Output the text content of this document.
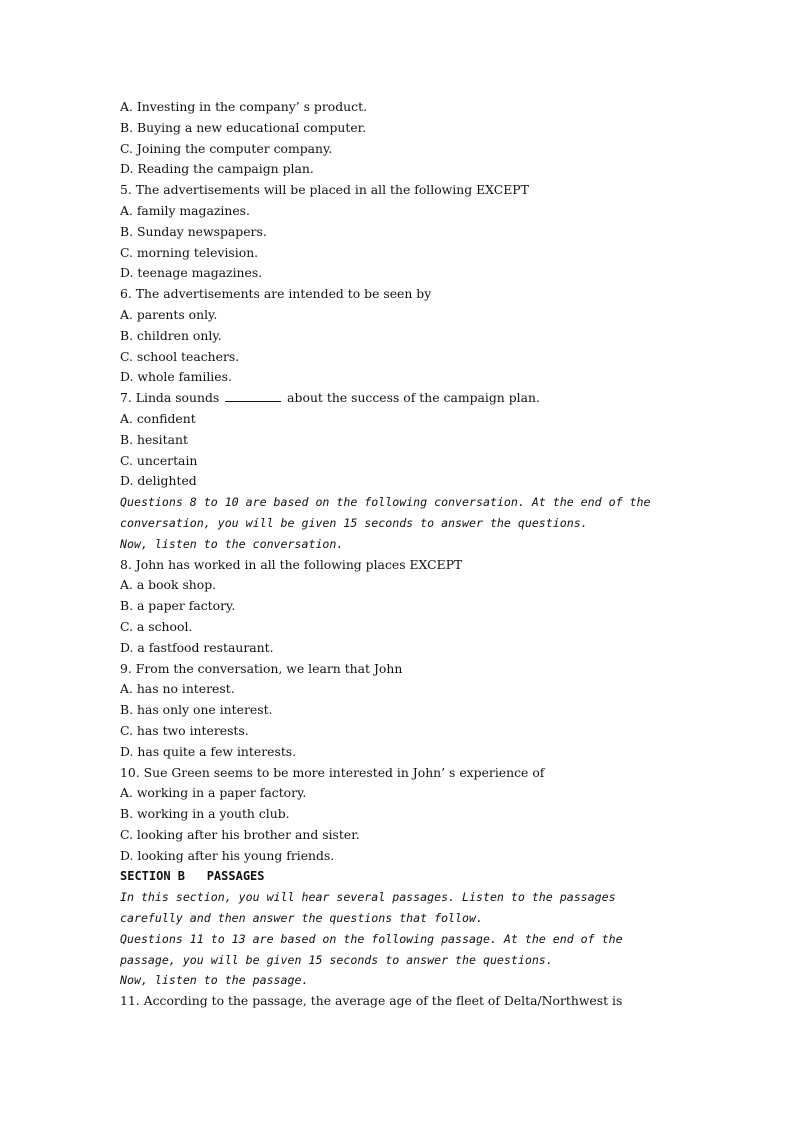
A. Investing in the company’ s product.
B. Buying a new educational computer.
C. Joining the computer company.
D. Reading the campaign plan.
5. The advertisements will be placed in all the following EXCEPT
A. family magazines.
B. Sunday newspapers.
C. morning television.
D. teenage magazines.
6. The advertisements are intended to be seen by
A. parents only.
B. children only.
C. school teachers.
D. whole families.
7. Linda sounds	about the success of the campaign plan.
A. confident
B. hesitant
C. uncertain
D. delighted
Questions 8 to 10 are based on the following conversation. At the end of the
conversation, you will be given 15 seconds to answer the questions.
Now, listen to the conversation.
8. John has worked in all the following places EXCEPT
A. a book shop.
B. a paper factory.
C. a school.
D. a fastfood restaurant.
9. From the conversation, we learn that John
A. has no interest.
B. has only one interest.
C. has two interests.
D. has quite a few interests.
10. Sue Green seems to be more interested in John’ s experience of
A. working in a paper factory.
B. working in a youth club.
C. looking after his brother and sister.
D. looking after his young friends.
SECTION B   PASSAGES
In this section, you will hear several passages. Listen to the passages
carefully and then answer the questions that follow.
Questions 11 to 13 are based on the following passage. At the end of the
passage, you will be given 15 seconds to answer the questions.
Now, listen to the passage.
11. According to the passage, the average age of the fleet of Delta/Northwest is
